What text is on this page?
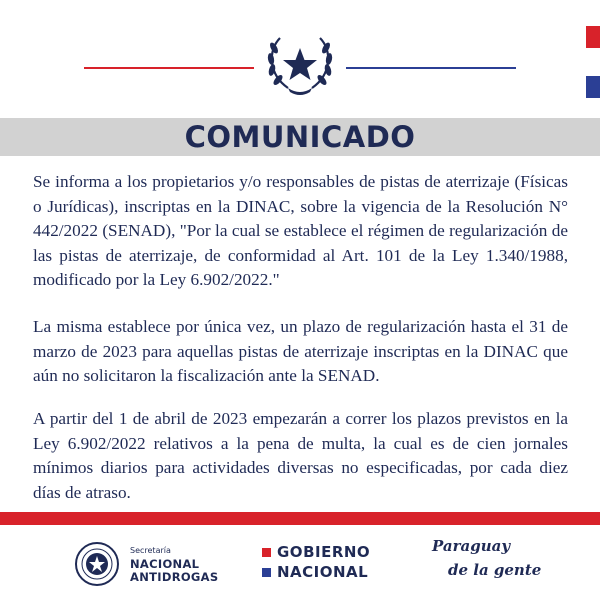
COMUNICADO

Se informa a los propietarios y/o responsables de pistas de aterrizaje (Físicas o Jurídicas), inscriptas en la DINAC, sobre la vigencia de la Resolución N° 442/2022 (SENAD), "Por la cual se establece el régimen de regularización de las pistas de aterrizaje, de conformidad al Art. 101 de la Ley 1.340/1988, modificado por la Ley 6.902/2022."

La misma establece por única vez, un plazo de regularización hasta el 31 de marzo de 2023 para aquellas pistas de aterrizaje inscriptas en la DINAC que aún no solicitaron la fiscalización ante la SENAD.

A partir del 1 de abril de 2023 empezarán a correr los plazos previstos en la Ley 6.902/2022 relativos a la pena de multa, la cual es de cien jornales mínimos diarios para actividades diversas no especificadas, por cada diez días de atraso.

Secretaría
NACIONAL
ANTIDROGAS
GOBIERNO
NACIONAL
Paraguay
de la gente
